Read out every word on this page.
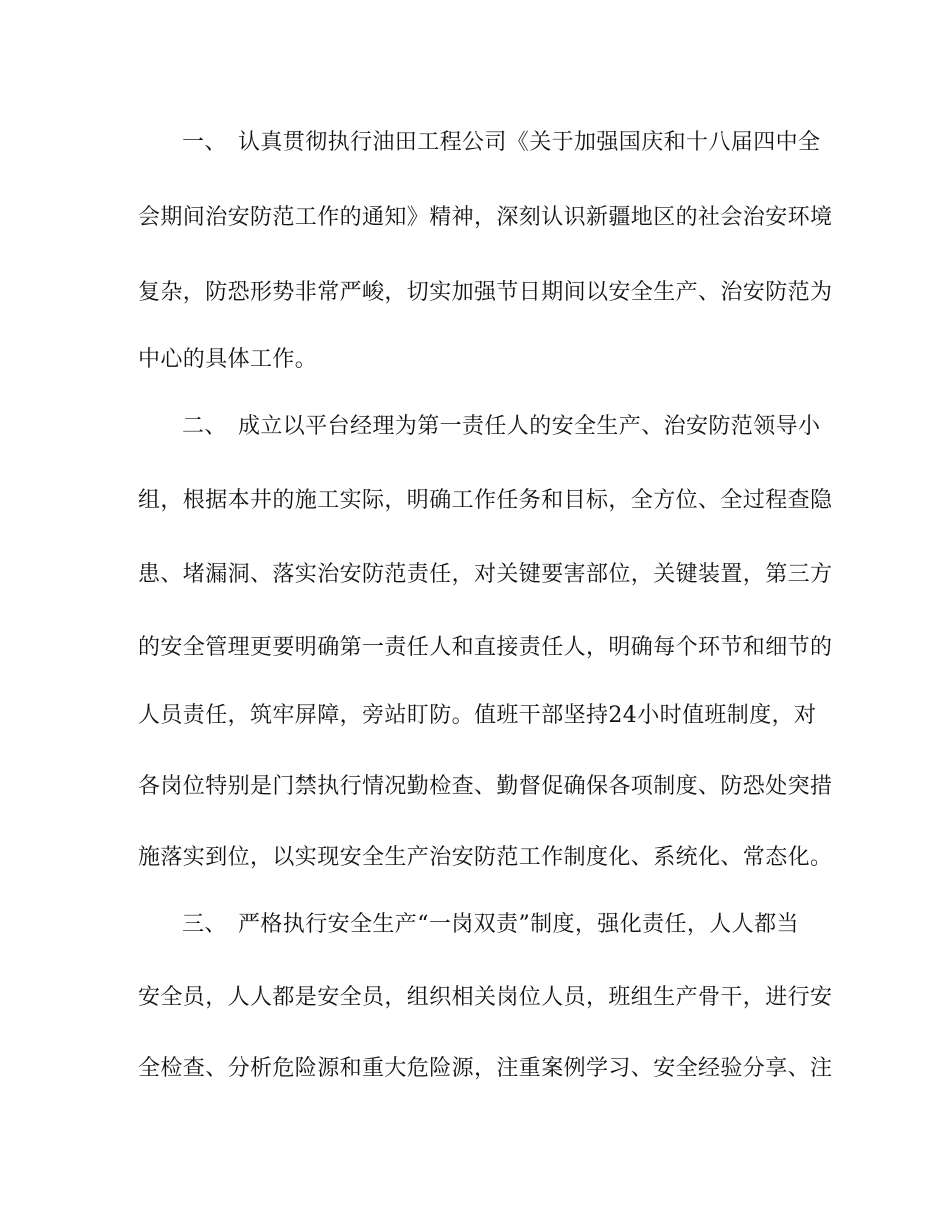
一、 认真贯彻执行油田工程公司《关于加强国庆和十八届四中全
会期间治安防范工作的通知》精神，深刻认识新疆地区的社会治安环境
复杂，防恐形势非常严峻，切实加强节日期间以安全生产、治安防范为
中心的具体工作。
二、 成立以平台经理为第一责任人的安全生产、治安防范领导小
组，根据本井的施工实际，明确工作任务和目标，全方位、全过程查隐
患、堵漏洞、落实治安防范责任，对关键要害部位，关键装置，第三方
的安全管理更要明确第一责任人和直接责任人，明确每个环节和细节的
人员责任，筑牢屏障，旁站盯防。值班干部坚持24小时值班制度，对
各岗位特别是门禁执行情况勤检查、勤督促确保各项制度、防恐处突措
施落实到位，以实现安全生产治安防范工作制度化、系统化、常态化。
三、 严格执行安全生产“一岗双责”制度，强化责任，人人都当
安全员，人人都是安全员，组织相关岗位人员，班组生产骨干，进行安
全检查、分析危险源和重大危险源，注重案例学习、安全经验分享、注
